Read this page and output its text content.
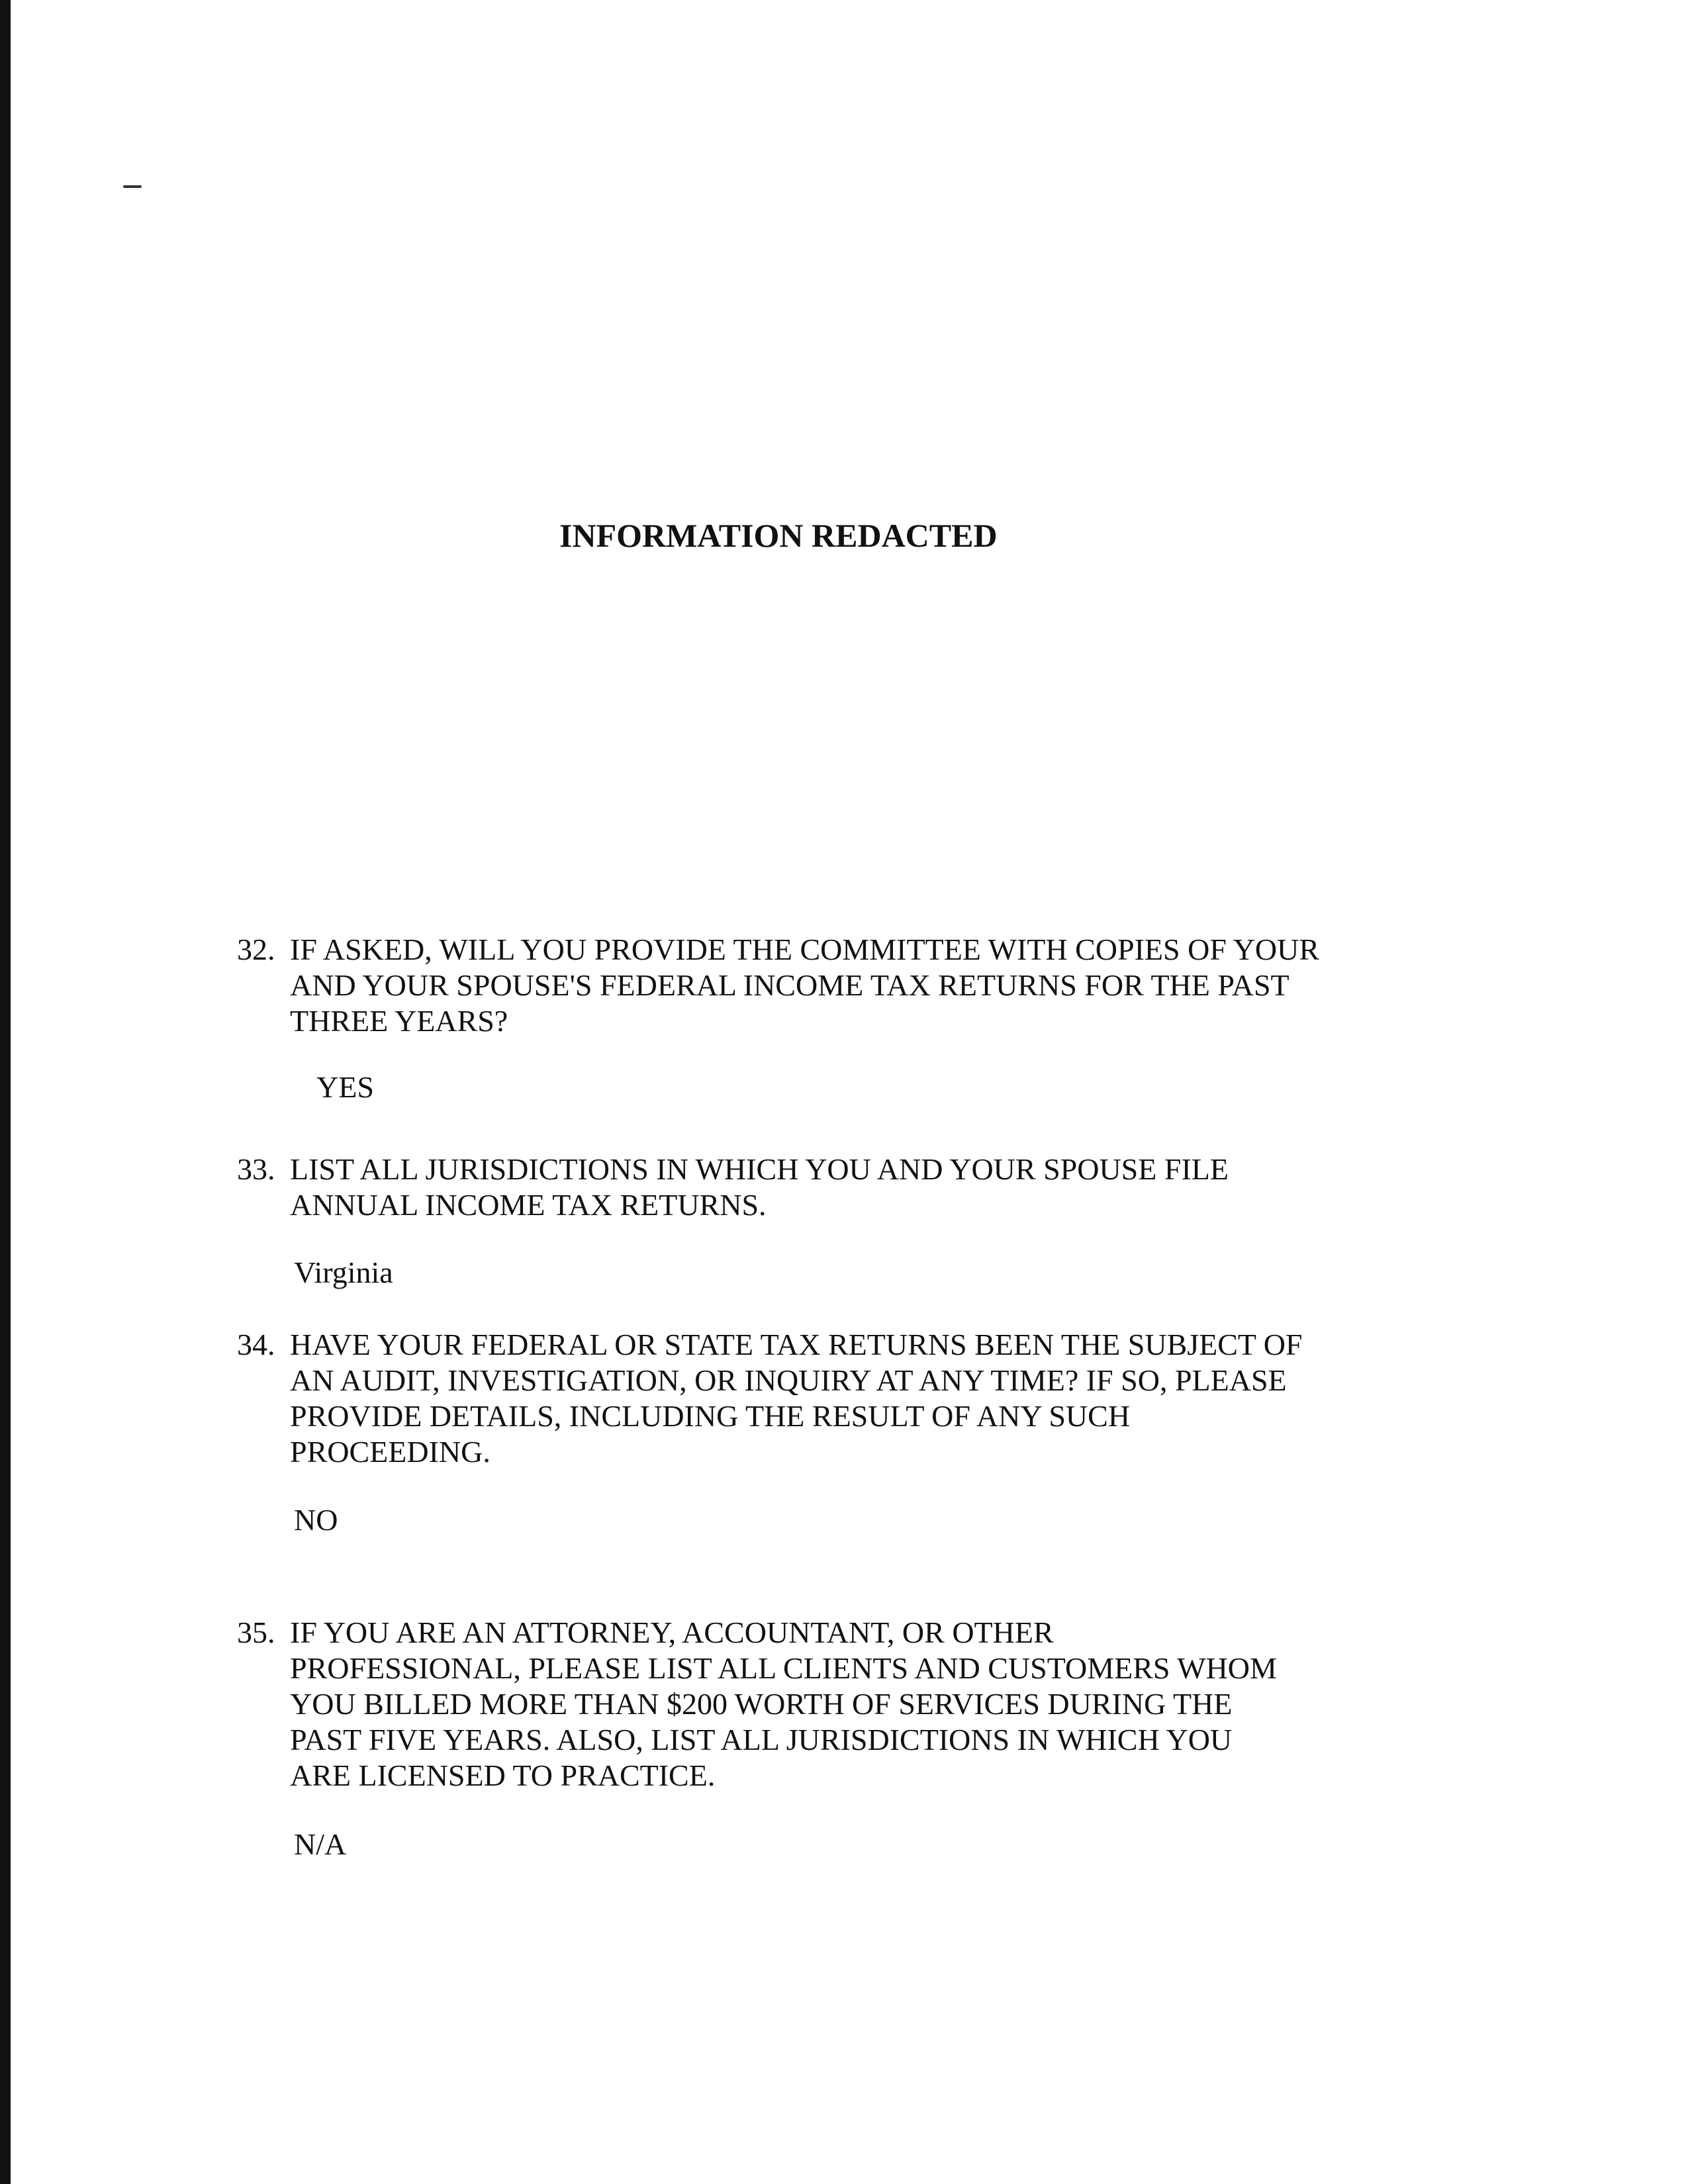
INFORMATION REDACTED
32. IF ASKED, WILL YOU PROVIDE THE COMMITTEE WITH COPIES OF YOUR
AND YOUR SPOUSE'S FEDERAL INCOME TAX RETURNS FOR THE PAST
THREE YEARS?
YES
33. LIST ALL JURISDICTIONS IN WHICH YOU AND YOUR SPOUSE FILE
ANNUAL INCOME TAX RETURNS.
Virginia
34. HAVE YOUR FEDERAL OR STATE TAX RETURNS BEEN THE SUBJECT OF
AN AUDIT, INVESTIGATION, OR INQUIRY AT ANY TIME? IF SO, PLEASE
PROVIDE DETAILS, INCLUDING THE RESULT OF ANY SUCH
PROCEEDING.
NO
35. IF YOU ARE AN ATTORNEY, ACCOUNTANT, OR OTHER
PROFESSIONAL, PLEASE LIST ALL CLIENTS AND CUSTOMERS WHOM
YOU BILLED MORE THAN $200 WORTH OF SERVICES DURING THE
PAST FIVE YEARS. ALSO, LIST ALL JURISDICTIONS IN WHICH YOU
ARE LICENSED TO PRACTICE.
N/A
